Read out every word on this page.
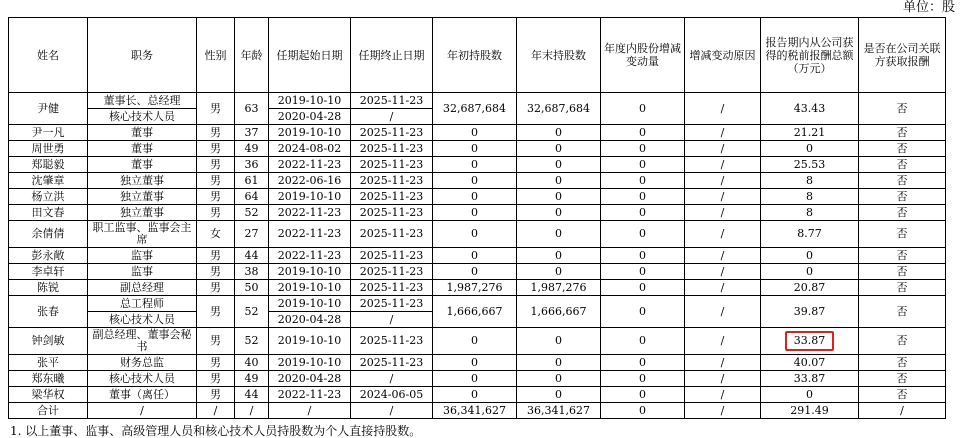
单位：股
姓名	职务	性别	年龄	任期起始日期	任期终止日期	年初持股数	年末持股数	年度内股份增减变动量	增减变动原因	报告期内从公司获得的税前报酬总额（万元）	是否在公司关联方获取报酬
尹健	董事长、总经理	男	63	2019-10-10	2025-11-23	32,687,684	32,687,684	0	/	43.43	否
	核心技术人员			2020-04-28	/						
尹一凡	董事	男	37	2019-10-10	2025-11-23	0	0	0	/	21.21	否
周世勇	董事	男	49	2024-08-02	2025-11-23	0	0	0	/	0	否
郑聪毅	董事	男	36	2022-11-23	2025-11-23	0	0	0	/	25.53	否
沈肇章	独立董事	男	61	2022-06-16	2025-11-23	0	0	0	/	8	否
杨立洪	独立董事	男	64	2019-10-10	2025-11-23	0	0	0	/	8	否
田文春	独立董事	男	52	2022-11-23	2025-11-23	0	0	0	/	8	否
余倩倩	职工监事、监事会主席	女	27	2022-11-23	2025-11-23	0	0	0	/	8.77	否
彭永敞	监事	男	44	2022-11-23	2025-11-23	0	0	0	/	0	否
李卓轩	监事	男	38	2019-10-10	2025-11-23	0	0	0	/	0	否
陈锐	副总经理	男	50	2019-10-10	2025-11-23	1,987,276	1,987,276	0	/	20.87	否
张春	总工程师	男	52	2019-10-10	2025-11-23	1,666,667	1,666,667	0	/	39.87	否
	核心技术人员			2020-04-28	/						
钟剑敏	副总经理、董事会秘书	男	52	2019-10-10	2025-11-23	0	0	0	/	33.87	否
张平	财务总监	男	40	2019-10-10	2025-11-23	0	0	0	/	40.07	否
郑东曦	核心技术人员	男	49	2020-04-28	/	0	0	0	/	33.87	否
梁华权	董事（离任）	男	44	2022-11-23	2024-06-05	0	0	0	/	0	否
合计	/	/	/	/	/	36,341,627	36,341,627	0	/	291.49	/
1. 以上董事、监事、高级管理人员和核心技术人员持股数为个人直接持股数。
